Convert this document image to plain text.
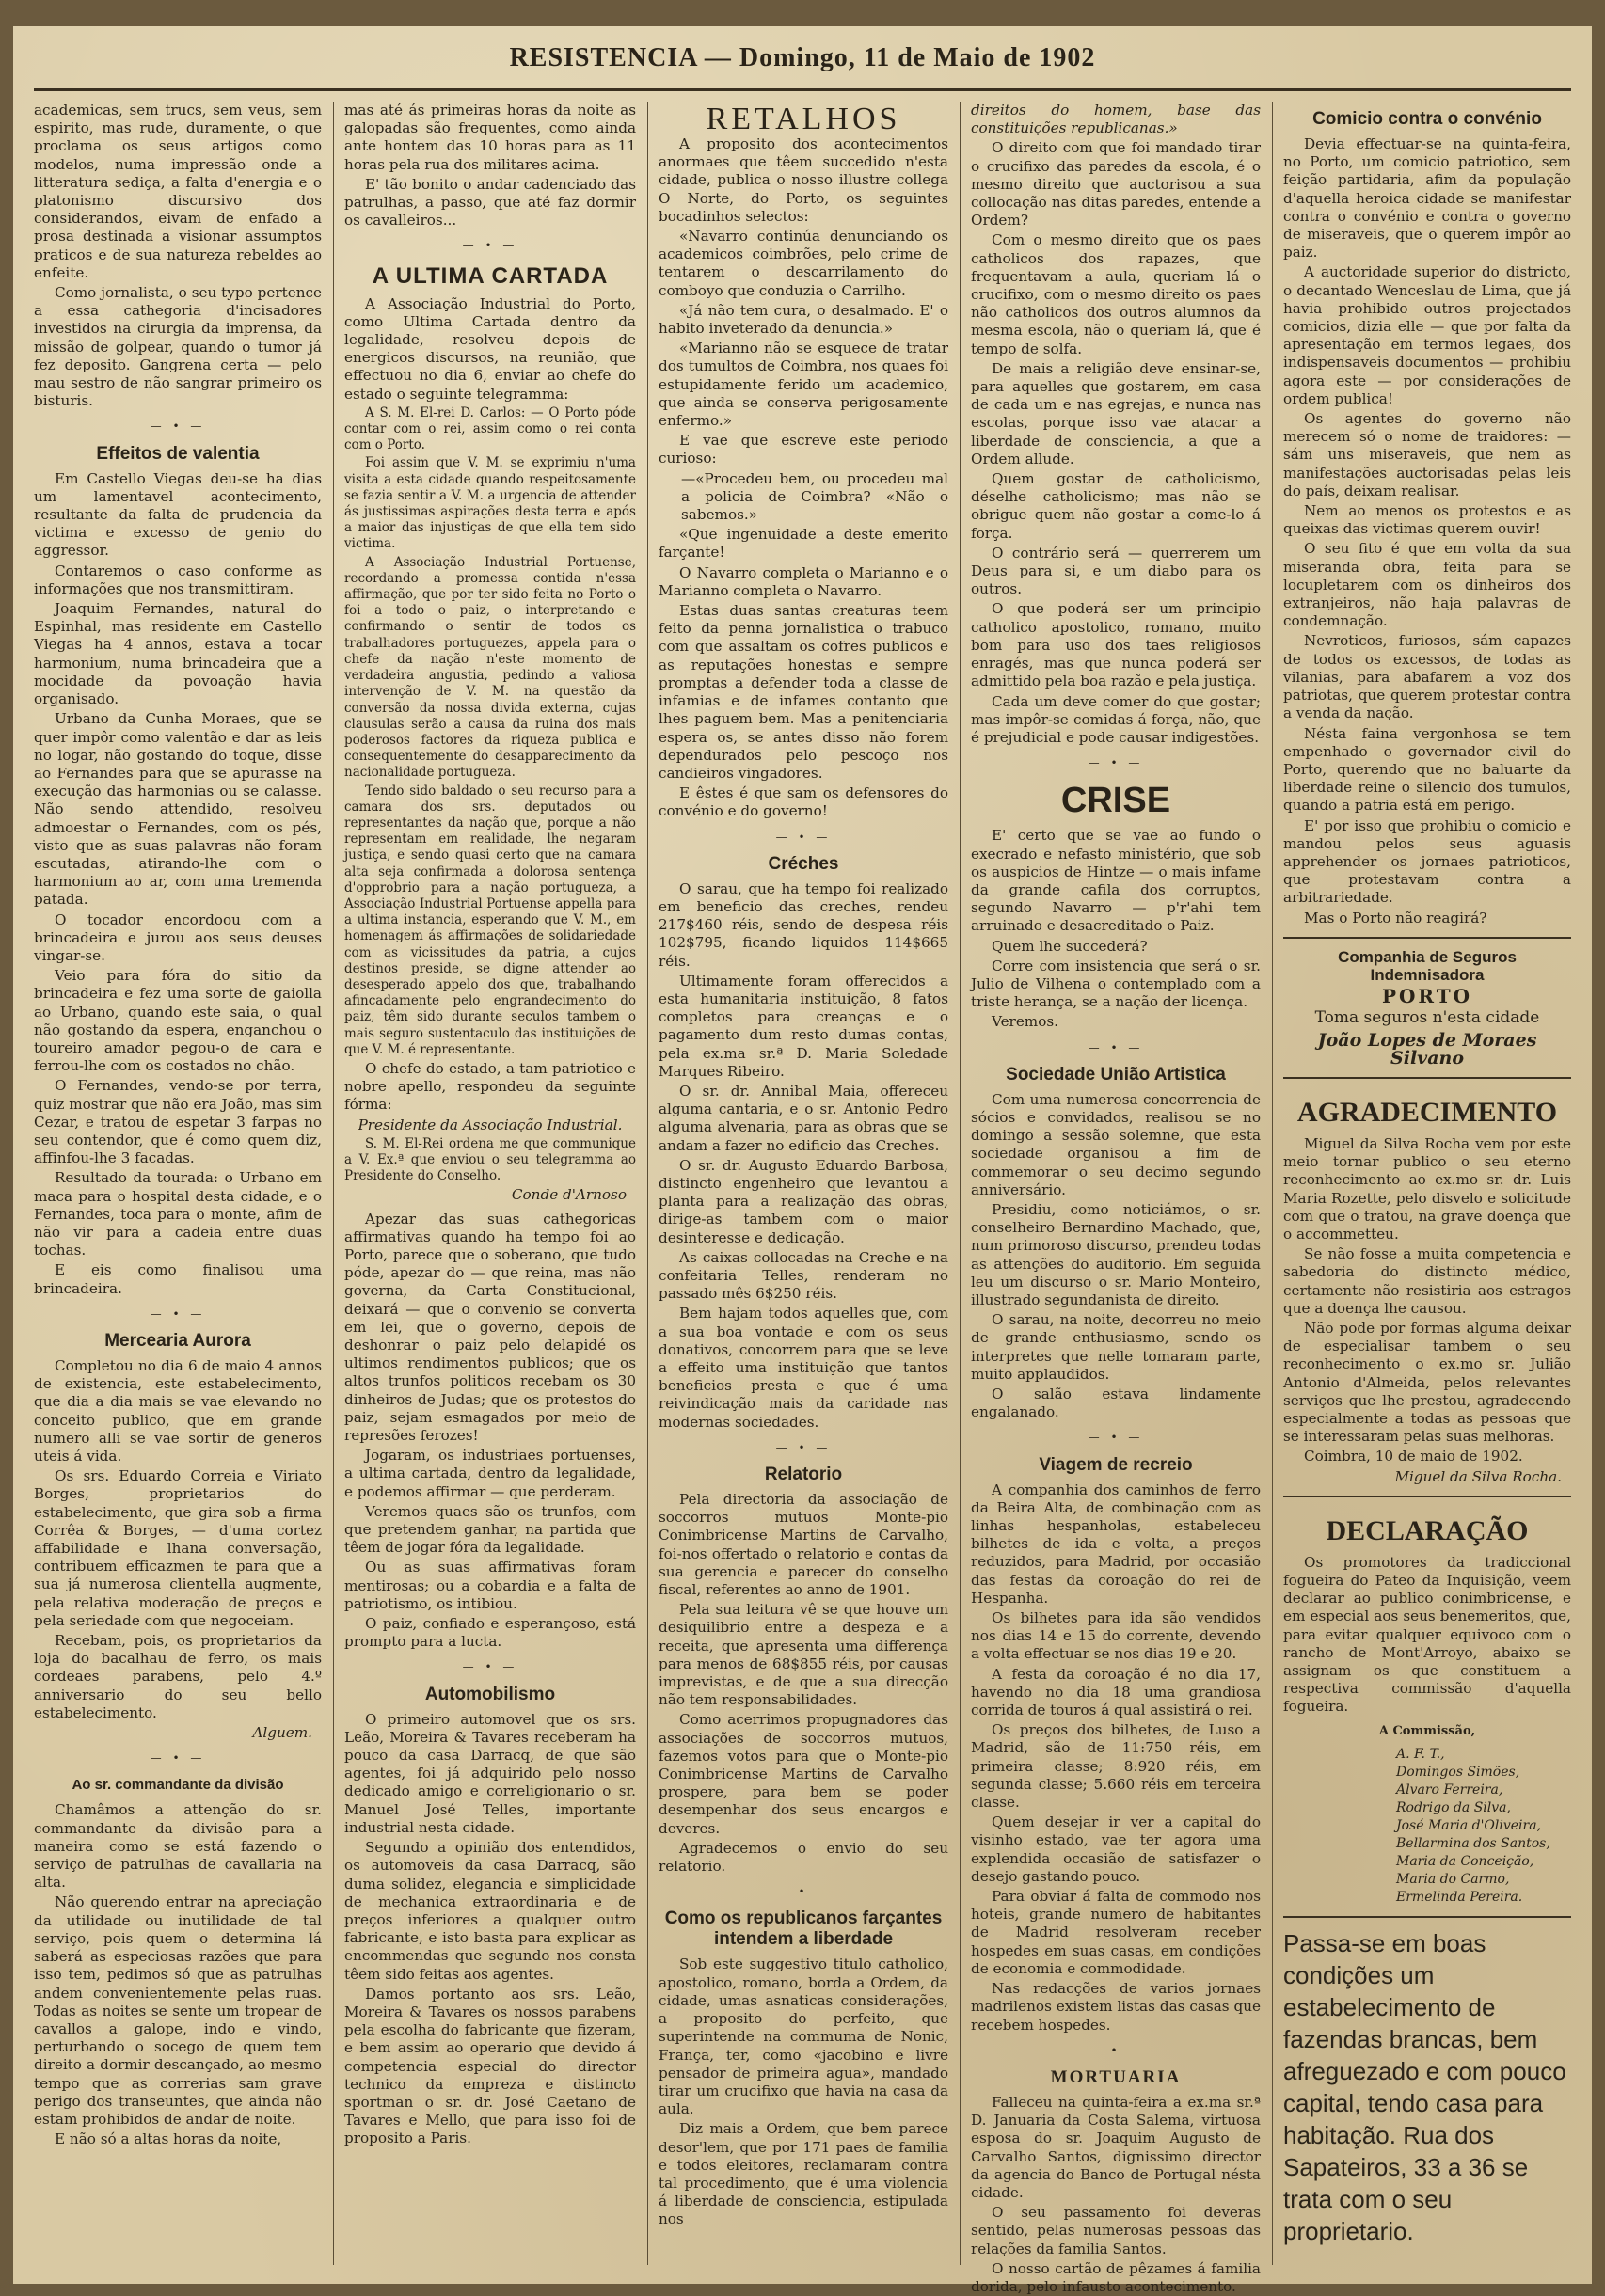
RESISTENCIA — Domingo, 11 de Maio de 1902

academicas, sem trucs, sem veus, sem espirito, mas rude, duramente, o que proclama os seus artigos como modelos, numa impressão onde a litteratura sediça, a falta d'energia e o platonismo discursivo dos considerandos, eivam de enfado a prosa destinada a visionar assumptos praticos e de sua natureza rebeldes ao enfeite.

Como jornalista, o seu typo pertence a essa cathegoria d'incisadores investidos na cirurgia da imprensa, da missão de golpear, quando o tumor já fez deposito. Gangrena certa — pelo mau sestro de não sangrar primeiro os bisturis.

— • —
Effeitos de valentia

Em Castello Viegas deu-se ha dias um lamentavel acontecimento, resultante da falta de prudencia da victima e excesso de genio do aggressor.

Contaremos o caso conforme as informações que nos transmittiram.

Joaquim Fernandes, natural do Espinhal, mas residente em Castello Viegas ha 4 annos, estava a tocar harmonium, numa brincadeira que a mocidade da povoação havia organisado.

Urbano da Cunha Moraes, que se quer impôr como valentão e dar as leis no logar, não gostando do toque, disse ao Fernandes para que se apurasse na execução das harmonias ou se calasse. Não sendo attendido, resolveu admoestar o Fernandes, com os pés, visto que as suas palavras não foram escutadas, atirando-lhe com o harmonium ao ar, com uma tremenda patada.

O tocador encordoou com a brincadeira e jurou aos seus deuses vingar-se.

Veio para fóra do sitio da brincadeira e fez uma sorte de gaiolla ao Urbano, quando este saia, o qual não gostando da espera, enganchou o toureiro amador pegou-o de cara e ferrou-lhe com os costados no chão.

O Fernandes, vendo-se por terra, quiz mostrar que não era João, mas sim Cezar, e tratou de espetar 3 farpas no seu contendor, que é como quem diz, affinfou-lhe 3 facadas.

Resultado da tourada: o Urbano em maca para o hospital desta cidade, e o Fernandes, toca para o monte, afim de não vir para a cadeia entre duas tochas.

E eis como finalisou uma brincadeira.

— • —
Mercearia Aurora

Completou no dia 6 de maio 4 annos de existencia, este estabelecimento, que dia a dia mais se vae elevando no conceito publico, que em grande numero alli se vae sortir de generos uteis á vida.

Os srs. Eduardo Correia e Viriato Borges, proprietarios do estabelecimento, que gira sob a firma Corrêa & Borges, — d'uma cortez affabilidade e lhana conversação, contribuem efficazmen te para que a sua já numerosa clientella augmente, pela relativa moderação de preços e pela seriedade com que negoceiam.

Recebam, pois, os proprietarios da loja do bacalhau de ferro, os mais cordeaes parabens, pelo 4.º anniversario do seu bello estabelecimento.

Alguem.
— • —
Ao sr. commandante da divisão

Chamâmos a attenção do sr. commandante da divisão para a maneira como se está fazendo o serviço de patrulhas de cavallaria na alta.

Não querendo entrar na apreciação da utilidade ou inutilidade de tal serviço, pois quem o determina lá saberá as especiosas razões que para isso tem, pedimos só que as patrulhas andem convenientemente pelas ruas. Todas as noites se sente um tropear de cavallos a galope, indo e vindo, perturbando o socego de quem tem direito a dormir descançado, ao mesmo tempo que as correrias sam grave perigo dos transeuntes, que ainda não estam prohibidos de andar de noite.

E não só a altas horas da noite,

mas até ás primeiras horas da noite as galopadas são frequentes, como ainda ante hontem das 10 horas para as 11 horas pela rua dos militares acima.

E' tão bonito o andar cadenciado das patrulhas, a passo, que até faz dormir os cavalleiros...

— • —
A ULTIMA CARTADA

A Associação Industrial do Porto, como Ultima Cartada dentro da legalidade, resolveu depois de energicos discursos, na reunião, que effectuou no dia 6, enviar ao chefe do estado o seguinte telegramma:

A S. M. El-rei D. Carlos: — O Porto póde contar com o rei, assim como o rei conta com o Porto.

Foi assim que V. M. se exprimiu n'uma visita a esta cidade quando respeitosamente se fazia sentir a V. M. a urgencia de attender ás justissimas aspirações desta terra e após a maior das injustiças de que ella tem sido victima.

A Associação Industrial Portuense, recordando a promessa contida n'essa affirmação, que por ter sido feita no Porto o foi a todo o paiz, o interpretando e confirmando o sentir de todos os trabalhadores portuguezes, appela para o chefe da nação n'este momento de verdadeira angustia, pedindo a valiosa intervenção de V. M. na questão da conversão da nossa divida externa, cujas clausulas serão a causa da ruina dos mais poderosos factores da riqueza publica e consequentemente do desapparecimento da nacionalidade portugueza.

Tendo sido baldado o seu recurso para a camara dos srs. deputados ou representantes da nação que, porque a não representam em realidade, lhe negaram justiça, e sendo quasi certo que na camara alta seja confirmada a dolorosa sentença d'opprobrio para a nação portugueza, a Associação Industrial Portuense appella para a ultima instancia, esperando que V. M., em homenagem ás affirmações de solidariedade com as vicissitudes da patria, a cujos destinos preside, se digne attender ao desesperado appelo dos que, trabalhando afincadamente pelo engrandecimento do paiz, têm sido durante seculos tambem o mais seguro sustentaculo das instituições de que V. M. é representante.

O chefe do estado, a tam patriotico e nobre apello, respondeu da seguinte fórma:

Presidente da Associação Industrial.

S. M. El-Rei ordena me que communique a V. Ex.ª que enviou o seu telegramma ao Presidente do Conselho.

Conde d'Arnoso

Apezar das suas cathegoricas affirmativas quando ha tempo foi ao Porto, parece que o soberano, que tudo póde, apezar do — que reina, mas não governa, da Carta Constitucional, deixará — que o convenio se converta em lei, que o governo, depois de deshonrar o paiz pelo delapidé os ultimos rendimentos publicos; que os altos trunfos politicos recebam os 30 dinheiros de Judas; que os protestos do paiz, sejam esmagados por meio de represões ferozes!

Jogaram, os industriaes portuenses, a ultima cartada, dentro da legalidade, e podemos affirmar — que perderam.

Veremos quaes são os trunfos, com que pretendem ganhar, na partida que têem de jogar fóra da legalidade.

Ou as suas affirmativas foram mentirosas; ou a cobardia e a falta de patriotismo, os intibiou.

O paiz, confiado e esperançoso, está prompto para a lucta.

— • —
Automobilismo

O primeiro automovel que os srs. Leão, Moreira & Tavares receberam ha pouco da casa Darracq, de que são agentes, foi já adquirido pelo nosso dedicado amigo e correligionario o sr. Manuel José Telles, importante industrial nesta cidade.

Segundo a opinião dos entendidos, os automoveis da casa Darracq, são duma solidez, elegancia e simplicidade de mechanica extraordinaria e de preços inferiores a qualquer outro fabricante, e isto basta para explicar as encommendas que segundo nos consta têem sido feitas aos agentes.

Damos portanto aos srs. Leão, Moreira & Tavares os nossos parabens pela escolha do fabricante que fizeram, e bem assim ao operario que devido á competencia especial do director technico da empreza e distincto sportman o sr. dr. José Caetano de Tavares e Mello, que para isso foi de proposito a Paris.

RETALHOS

A proposito dos acontecimentos anormaes que têem succedido n'esta cidade, publica o nosso illustre collega O Norte, do Porto, os seguintes bocadinhos selectos:

«Navarro continúa denunciando os academicos coimbrões, pelo crime de tentarem o descarrilamento do comboyo que conduzia o Carrilho.

«Já não tem cura, o desalmado. E' o habito inveterado da denuncia.»

«Marianno não se esquece de tratar dos tumultos de Coimbra, nos quaes foi estupidamente ferido um academico, que ainda se conserva perigosamente enfermo.»

E vae que escreve este periodo curioso:

—«Procedeu bem, ou procedeu mal a policia de Coimbra? «Não o sabemos.»

«Que ingenuidade a deste emerito farçante!

O Navarro completa o Marianno e o Marianno completa o Navarro.

Estas duas santas creaturas teem feito da penna jornalistica o trabuco com que assaltam os cofres publicos e as reputações honestas e sempre promptas a defender toda a classe de infamias e de infames contanto que lhes paguem bem. Mas a penitenciaria espera os, se antes disso não forem dependurados pelo pescoço nos candieiros vingadores.

E êstes é que sam os defensores do convénio e do governo!

— • —
Créches

O sarau, que ha tempo foi realizado em beneficio das creches, rendeu 217$460 réis, sendo de despesa réis 102$795, ficando liquidos 114$665 réis.

Ultimamente foram offerecidos a esta humanitaria instituição, 8 fatos completos para creanças e o pagamento dum resto dumas contas, pela ex.ma sr.ª D. Maria Soledade Marques Ribeiro.

O sr. dr. Annibal Maia, offereceu alguma cantaria, e o sr. Antonio Pedro alguma alvenaria, para as obras que se andam a fazer no edificio das Creches.

O sr. dr. Augusto Eduardo Barbosa, distincto engenheiro que levantou a planta para a realização das obras, dirige-as tambem com o maior desinteresse e dedicação.

As caixas collocadas na Creche e na confeitaria Telles, renderam no passado mês 6$250 réis.

Bem hajam todos aquelles que, com a sua boa vontade e com os seus donativos, concorrem para que se leve a effeito uma instituição que tantos beneficios presta e que é uma reivindicação mais da caridade nas modernas sociedades.

— • —
Relatorio

Pela directoria da associação de soccorros mutuos Monte-pio Conimbricense Martins de Carvalho, foi-nos offertado o relatorio e contas da sua gerencia e parecer do conselho fiscal, referentes ao anno de 1901.

Pela sua leitura vê se que houve um desiquilibrio entre a despeza e a receita, que apresenta uma differença para menos de 68$855 réis, por causas imprevistas, e de que a sua direcção não tem responsabilidades.

Como acerrimos propugnadores das associações de soccorros mutuos, fazemos votos para que o Monte-pio Conimbricense Martins de Carvalho prospere, para bem se poder desempenhar dos seus encargos e deveres.

Agradecemos o envio do seu relatorio.

— • —
Como os republicanos farçantes intendem a liberdade

Sob este suggestivo titulo catholico, apostolico, romano, borda a Ordem, da cidade, umas asnaticas considerações, a proposito do perfeito, que superintende na commuma de Nonic, França, ter, como «jacobino e livre pensador de primeira agua», mandado tirar um crucifixo que havia na casa da aula.

Diz mais a Ordem, que bem parece desor'lem, que por 171 paes de familia e todos eleitores, reclamaram contra tal procedimento, que é uma violencia á liberdade de consciencia, estipulada nos

direitos do homem, base das constituições republicanas.»

O direito com que foi mandado tirar o crucifixo das paredes da escola, é o mesmo direito que auctorisou a sua collocação nas ditas paredes, entende a Ordem?

Com o mesmo direito que os paes catholicos dos rapazes, que frequentavam a aula, queriam lá o crucifixo, com o mesmo direito os paes não catholicos dos outros alumnos da mesma escola, não o queriam lá, que é tempo de solfa.

De mais a religião deve ensinar-se, para aquelles que gostarem, em casa de cada um e nas egrejas, e nunca nas escolas, porque isso vae atacar a liberdade de consciencia, a que a Ordem allude.

Quem gostar de catholicismo, déselhe catholicismo; mas não se obrigue quem não gostar a come-lo á força.

O contrário será — querrerem um Deus para si, e um diabo para os outros.

O que poderá ser um principio catholico apostolico, romano, muito bom para uso dos taes religiosos enragés, mas que nunca poderá ser admittido pela boa razão e pela justiça.

Cada um deve comer do que gostar; mas impôr-se comidas á força, não, que é prejudicial e pode causar indigestões.

— • —
CRISE

E' certo que se vae ao fundo o execrado e nefasto ministério, que sob os auspicios de Hintze — o mais infame da grande cafila dos corruptos, segundo Navarro — p'r'ahi tem arruinado e desacreditado o Paiz.

Quem lhe succederá?

Corre com insistencia que será o sr. Julio de Vilhena o contemplado com a triste herança, se a nação der licença.

Veremos.

— • —
Sociedade União Artistica

Com uma numerosa concorrencia de sócios e convidados, realisou se no domingo a sessão solemne, que esta sociedade organisou a fim de commemorar o seu decimo segundo anniversário.

Presidiu, como noticiámos, o sr. conselheiro Bernardino Machado, que, num primoroso discurso, prendeu todas as attenções do auditorio. Em seguida leu um discurso o sr. Mario Monteiro, illustrado segundanista de direito.

O sarau, na noite, decorreu no meio de grande enthusiasmo, sendo os interpretes que nelle tomaram parte, muito applaudidos.

O salão estava lindamente engalanado.

— • —
Viagem de recreio

A companhia dos caminhos de ferro da Beira Alta, de combinação com as linhas hespanholas, estabeleceu bilhetes de ida e volta, a preços reduzidos, para Madrid, por occasião das festas da coroação do rei de Hespanha.

Os bilhetes para ida são vendidos nos dias 14 e 15 do corrente, devendo a volta effectuar se nos dias 19 e 20.

A festa da coroação é no dia 17, havendo no dia 18 uma grandiosa corrida de touros á qual assistirá o rei.

Os preços dos bilhetes, de Luso a Madrid, são de 11:750 réis, em primeira classe; 8:920 réis, em segunda classe; 5.660 réis em terceira classe.

Quem desejar ir ver a capital do visinho estado, vae ter agora uma explendida occasião de satisfazer o desejo gastando pouco.

Para obviar á falta de commodo nos hoteis, grande numero de habitantes de Madrid resolveram receber hospedes em suas casas, em condições de economia e commodidade.

Nas redacções de varios jornaes madrilenos existem listas das casas que recebem hospedes.

— • —
MORTUARIA

Falleceu na quinta-feira a ex.ma sr.ª D. Januaria da Costa Salema, virtuosa esposa do sr. Joaquim Augusto de Carvalho Santos, dignissimo director da agencia do Banco de Portugal nésta cidade.

O seu passamento foi deveras sentido, pelas numerosas pessoas das relações da familia Santos.

O nosso cartão de pêzames á familia dorida, pelo infausto acontecimento.

Comicio contra o convénio

Devia effectuar-se na quinta-feira, no Porto, um comicio patriotico, sem feição partidaria, afim da população d'aquella heroica cidade se manifestar contra o convénio e contra o governo de miseraveis, que o querem impôr ao paiz.

A auctoridade superior do districto, o decantado Wenceslau de Lima, que já havia prohibido outros projectados comicios, dizia elle — que por falta da apresentação em termos legaes, dos indispensaveis documentos — prohibiu agora este — por considerações de ordem publica!

Os agentes do governo não merecem só o nome de traidores: — sám uns miseraveis, que nem as manifestações auctorisadas pelas leis do país, deixam realisar.

Nem ao menos os protestos e as queixas das victimas querem ouvir!

O seu fito é que em volta da sua miseranda obra, feita para se locupletarem com os dinheiros dos extranjeiros, não haja palavras de condemnação.

Nevroticos, furiosos, sám capazes de todos os excessos, de todas as vilanias, para abafarem a voz dos patriotas, que querem protestar contra a venda da nação.

Nésta faina vergonhosa se tem empenhado o governador civil do Porto, querendo que no baluarte da liberdade reine o silencio dos tumulos, quando a patria está em perigo.

E' por isso que prohibiu o comicio e mandou pelos seus aguasis apprehender os jornaes patrioticos, que protestavam contra a arbitrariedade.

Mas o Porto não reagirá?

Companhia de Seguros Indemnisadora
PORTO
Toma seguros n'esta cidade
João Lopes de Moraes Silvano
AGRADECIMENTO

Miguel da Silva Rocha vem por este meio tornar publico o seu eterno reconhecimento ao ex.mo sr. dr. Luis Maria Rozette, pelo disvelo e solicitude com que o tratou, na grave doença que o accommetteu.

Se não fosse a muita competencia e sabedoria do distincto médico, certamente não resistiria aos estragos que a doença lhe causou.

Não pode por formas alguma deixar de especialisar tambem o seu reconhecimento o ex.mo sr. Julião Antonio d'Almeida, pelos relevantes serviços que lhe prestou, agradecendo especialmente a todas as pessoas que se interessaram pelas suas melhoras.

Coimbra, 10 de maio de 1902.

Miguel da Silva Rocha.
DECLARAÇÃO

Os promotores da tradiccional fogueira do Pateo da Inquisição, veem declarar ao publico conimbricense, e em especial aos seus benemeritos, que, para evitar qualquer equivoco com o rancho de Mont'Arroyo, abaixo se assignam os que constituem a respectiva commissão d'aquella fogueira.

A Commissão,
A. F. T.,
Domingos Simões,
Alvaro Ferreira,
Rodrigo da Silva,
José Maria d'Oliveira,
Bellarmina dos Santos,
Maria da Conceição,
Maria do Carmo,
Ermelinda Pereira.

Passa-se em boas condições um estabelecimento de fazendas brancas, bem afreguezado e com pouco capital, tendo casa para habitação. Rua dos Sapateiros, 33 a 36 se trata com o seu proprietario.
